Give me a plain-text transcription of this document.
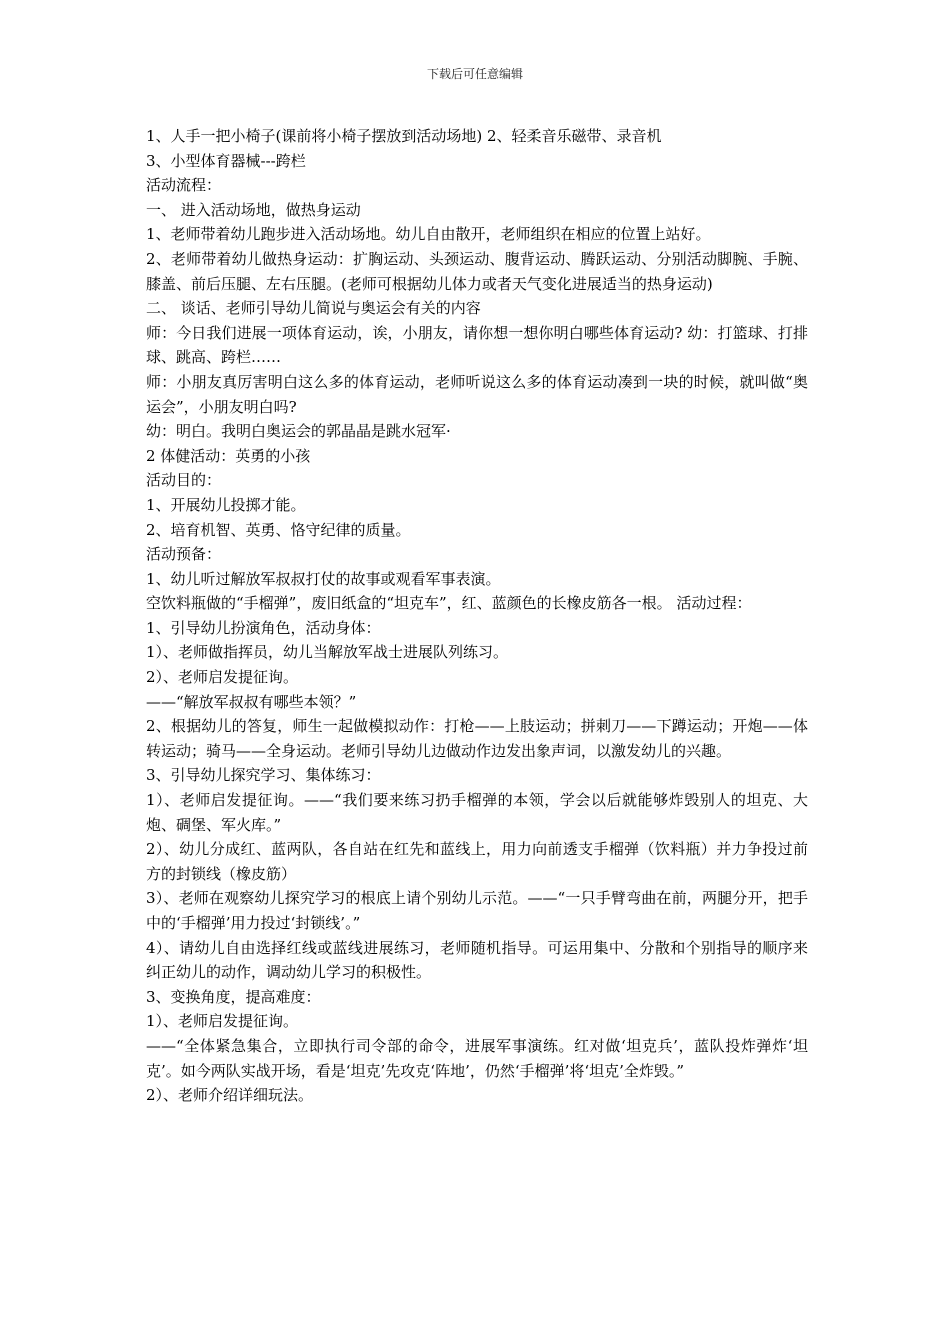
下载后可任意编辑

1、人手一把小椅子(课前将小椅子摆放到活动场地) 2、轻柔音乐磁带、录音机

3、小型体育器械---跨栏

活动流程：

一、 进入活动场地，做热身运动

1、老师带着幼儿跑步进入活动场地。幼儿自由散开，老师组织在相应的位置上站好。

2、老师带着幼儿做热身运动：扩胸运动、头颈运动、腹背运动、腾跃运动、分别活动脚腕、手腕、膝盖、前后压腿、左右压腿。(老师可根据幼儿体力或者天气变化进展适当的热身运动)

二、 谈话、老师引导幼儿简说与奥运会有关的内容

师：今日我们进展一项体育运动，诶，小朋友，请你想一想你明白哪些体育运动? 幼：打篮球、打排球、跳高、跨栏……

师：小朋友真厉害明白这么多的体育运动，老师听说这么多的体育运动凑到一块的时候，就叫做“奥运会”，小朋友明白吗?

幼：明白。我明白奥运会的郭晶晶是跳水冠军·

2 体健活动：英勇的小孩

活动目的：

1、开展幼儿投掷才能。

2、培育机智、英勇、恪守纪律的质量。

活动预备：

1、幼儿听过解放军叔叔打仗的故事或观看军事表演。

空饮料瓶做的“手榴弹”，废旧纸盒的“坦克车”，红、蓝颜色的长橡皮筋各一根。 活动过程：

1、引导幼儿扮演角色，活动身体：

1）、老师做指挥员，幼儿当解放军战士进展队列练习。

2）、老师启发提征询。

——“解放军叔叔有哪些本领？”

2、根据幼儿的答复，师生一起做模拟动作：打枪——上肢运动；拼刺刀——下蹲运动；开炮——体转运动；骑马——全身运动。老师引导幼儿边做动作边发出象声词，以激发幼儿的兴趣。

3、引导幼儿探究学习、集体练习：

1）、老师启发提征询。——“我们要来练习扔手榴弹的本领，学会以后就能够炸毁别人的坦克、大炮、碉堡、军火库。”

2）、幼儿分成红、蓝两队，各自站在红先和蓝线上，用力向前透支手榴弹（饮料瓶）并力争投过前方的封锁线（橡皮筋）

3）、老师在观察幼儿探究学习的根底上请个别幼儿示范。——“一只手臂弯曲在前，两腿分开，把手中的‘手榴弹’用力投过‘封锁线’。”

4）、请幼儿自由选择红线或蓝线进展练习，老师随机指导。可运用集中、分散和个别指导的顺序来纠正幼儿的动作，调动幼儿学习的积极性。

3、变换角度，提高难度：

1）、老师启发提征询。

——“全体紧急集合，立即执行司令部的命令，进展军事演练。红对做‘坦克兵’，蓝队投炸弹炸‘坦克’。如今两队实战开场，看是‘坦克’先攻克‘阵地’，仍然‘手榴弹’将‘坦克’全炸毁。”

2）、老师介绍详细玩法。
